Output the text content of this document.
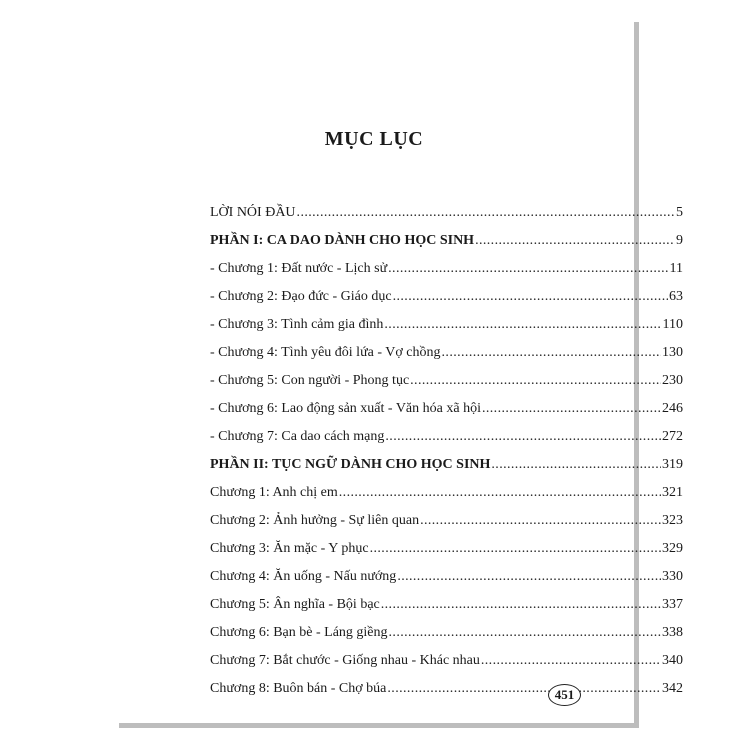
MỤC LỤC
LỜI NÓI ĐẦU .....	5
PHẦN I: CA DAO DÀNH CHO HỌC SINH .....	9
- Chương 1: Đất nước - Lịch sử .....	11
- Chương 2: Đạo đức - Giáo dục .....	63
- Chương 3: Tình cảm gia đình .....	110
- Chương 4: Tình yêu đôi lứa - Vợ chồng .....	130
- Chương 5: Con người - Phong tục .....	230
- Chương 6: Lao động sản xuất - Văn hóa xã hội .....	246
- Chương 7: Ca dao cách mạng .....	272
PHẦN II: TỤC NGỮ DÀNH CHO HỌC SINH .....	319
Chương 1: Anh chị em .....	321
Chương 2: Ảnh hưởng - Sự liên quan .....	323
Chương 3: Ăn mặc - Y phục .....	329
Chương 4: Ăn uống - Nấu nướng .....	330
Chương 5: Ân nghĩa - Bội bạc .....	337
Chương 6: Bạn bè - Láng giềng .....	338
Chương 7: Bắt chước - Giống nhau - Khác nhau .....	340
Chương 8: Buôn bán - Chợ búa .....	342
451
